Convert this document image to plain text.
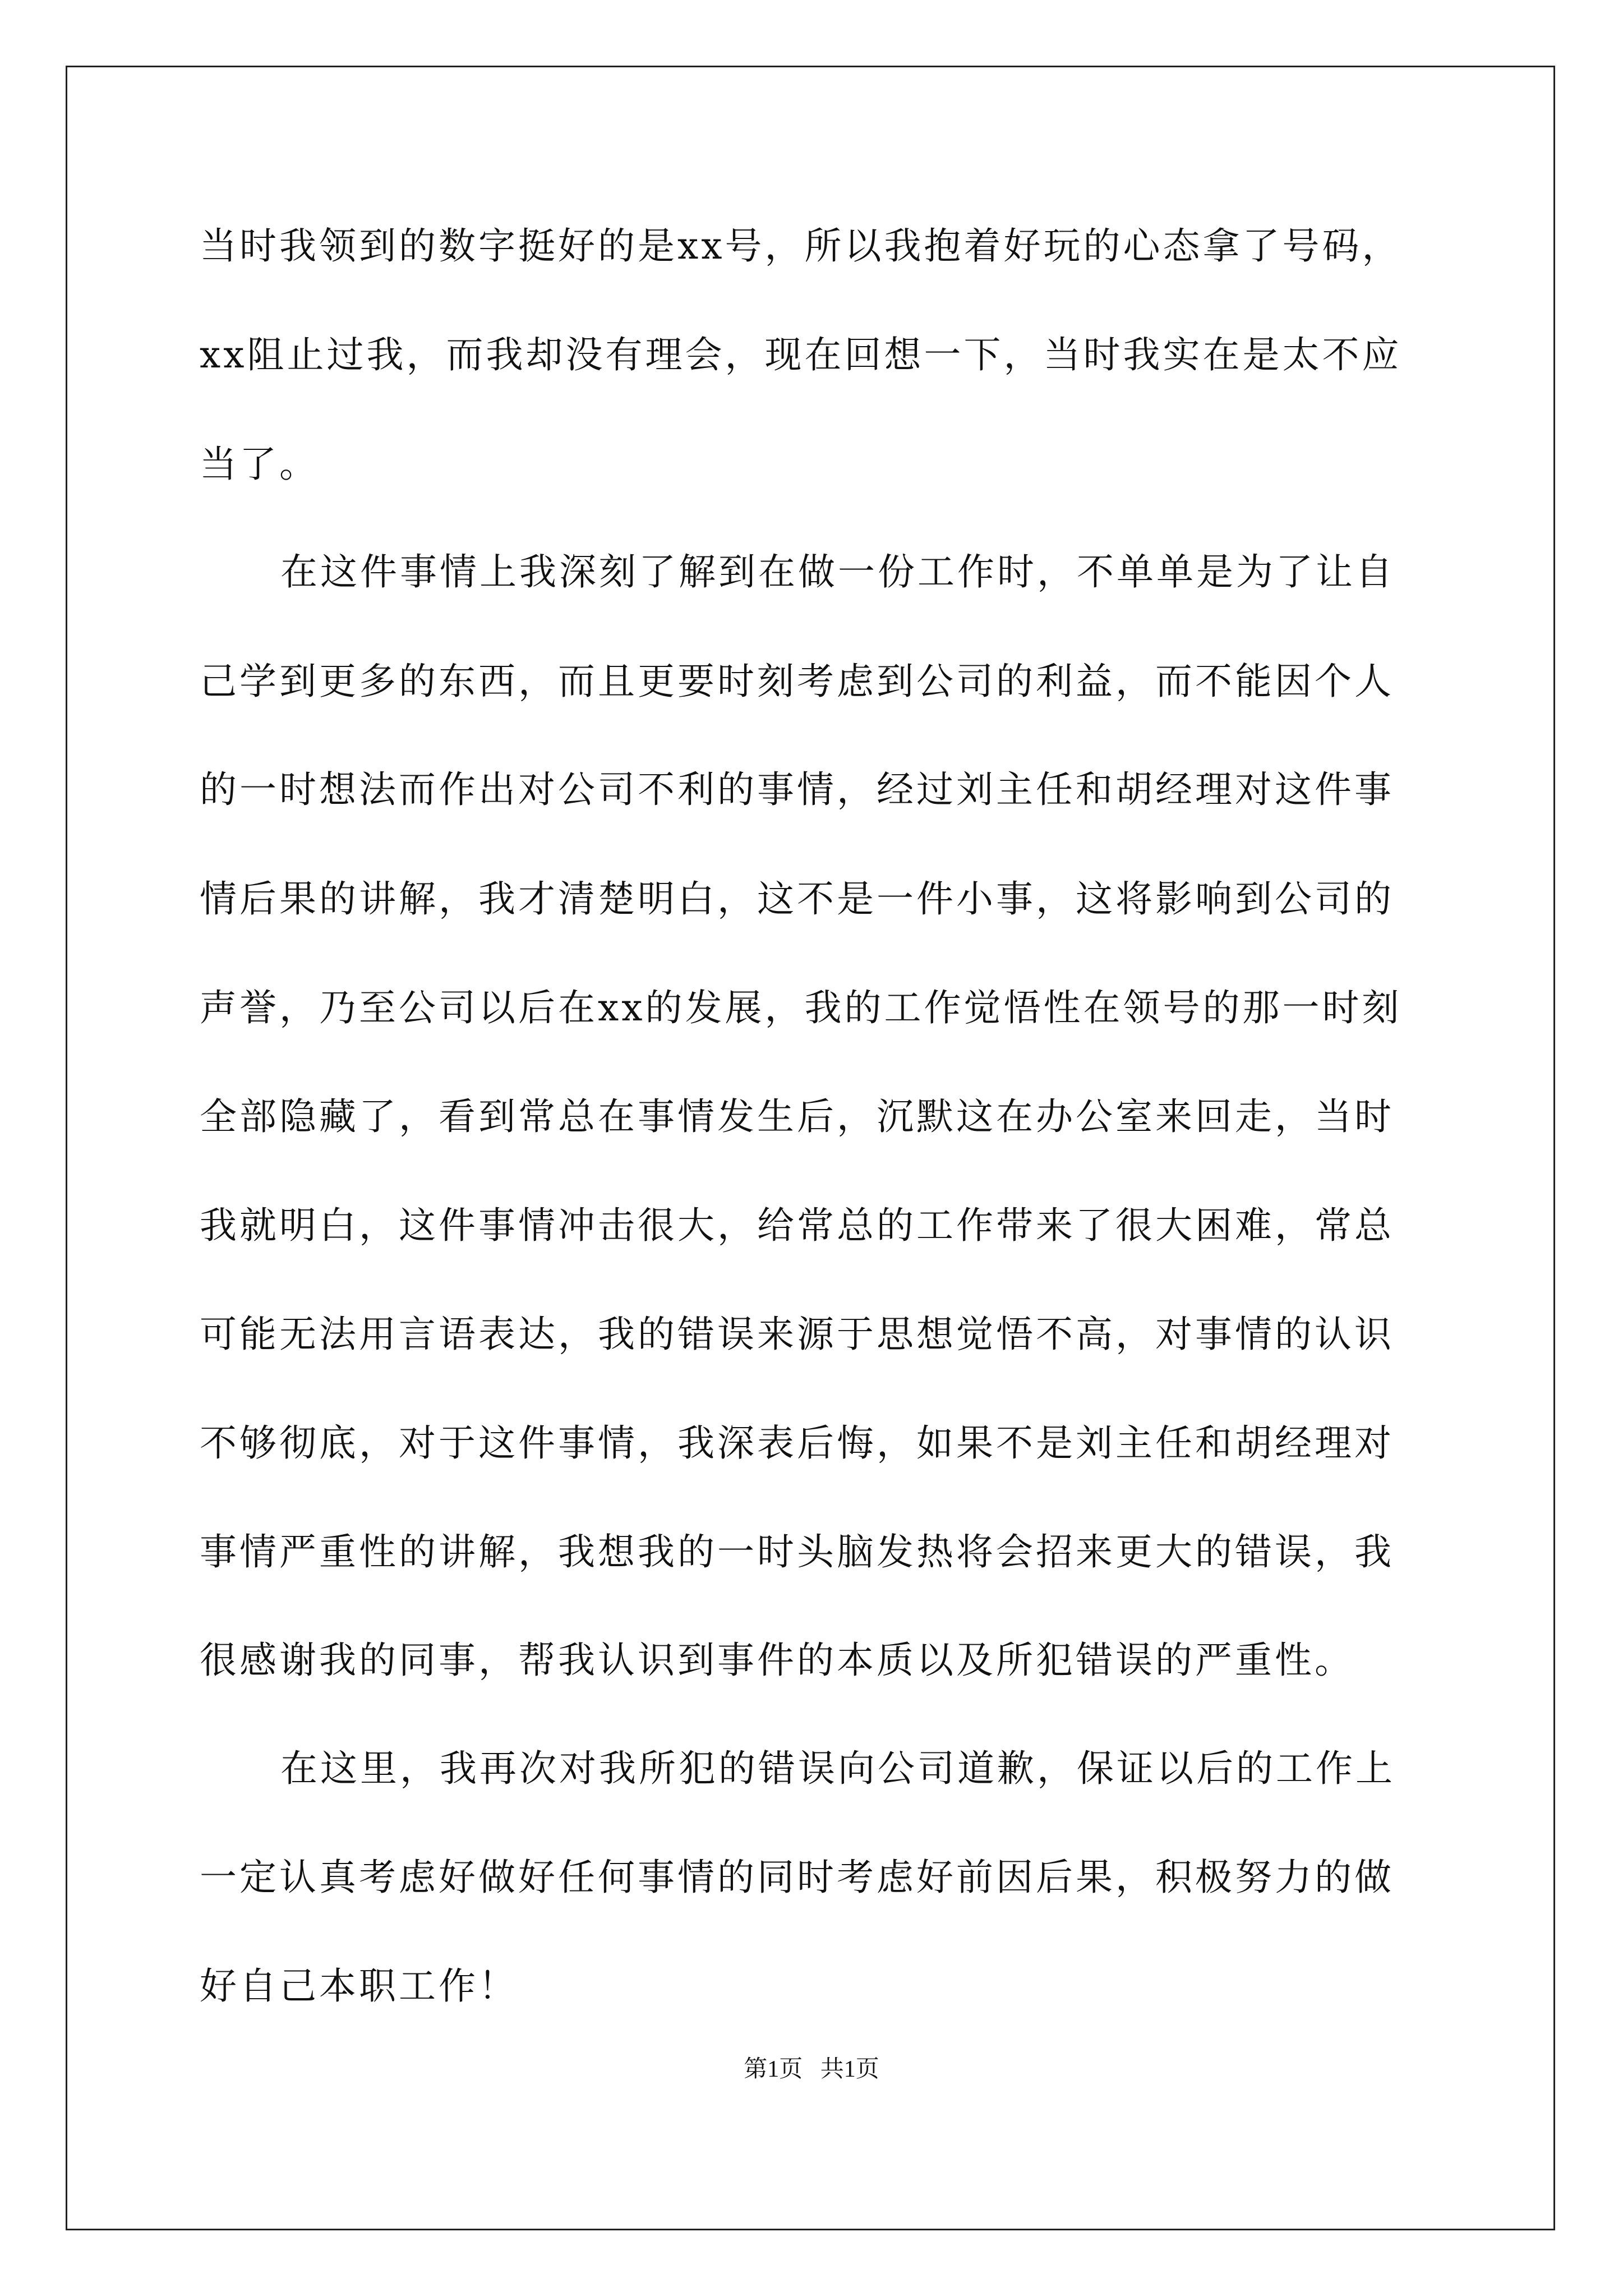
当时我领到的数字挺好的是xx号，所以我抱着好玩的心态拿了号码，
xx阻止过我，而我却没有理会，现在回想一下，当时我实在是太不应
当了。
在这件事情上我深刻了解到在做一份工作时，不单单是为了让自
己学到更多的东西，而且更要时刻考虑到公司的利益，而不能因个人
的一时想法而作出对公司不利的事情，经过刘主任和胡经理对这件事
情后果的讲解，我才清楚明白，这不是一件小事，这将影响到公司的
声誉，乃至公司以后在xx的发展，我的工作觉悟性在领号的那一时刻
全部隐藏了，看到常总在事情发生后，沉默这在办公室来回走，当时
我就明白，这件事情冲击很大，给常总的工作带来了很大困难，常总
可能无法用言语表达，我的错误来源于思想觉悟不高，对事情的认识
不够彻底，对于这件事情，我深表后悔，如果不是刘主任和胡经理对
事情严重性的讲解，我想我的一时头脑发热将会招来更大的错误，我
很感谢我的同事，帮我认识到事件的本质以及所犯错误的严重性。
在这里，我再次对我所犯的错误向公司道歉，保证以后的工作上
一定认真考虑好做好任何事情的同时考虑好前因后果，积极努力的做
好自己本职工作！
第1页   共1页
